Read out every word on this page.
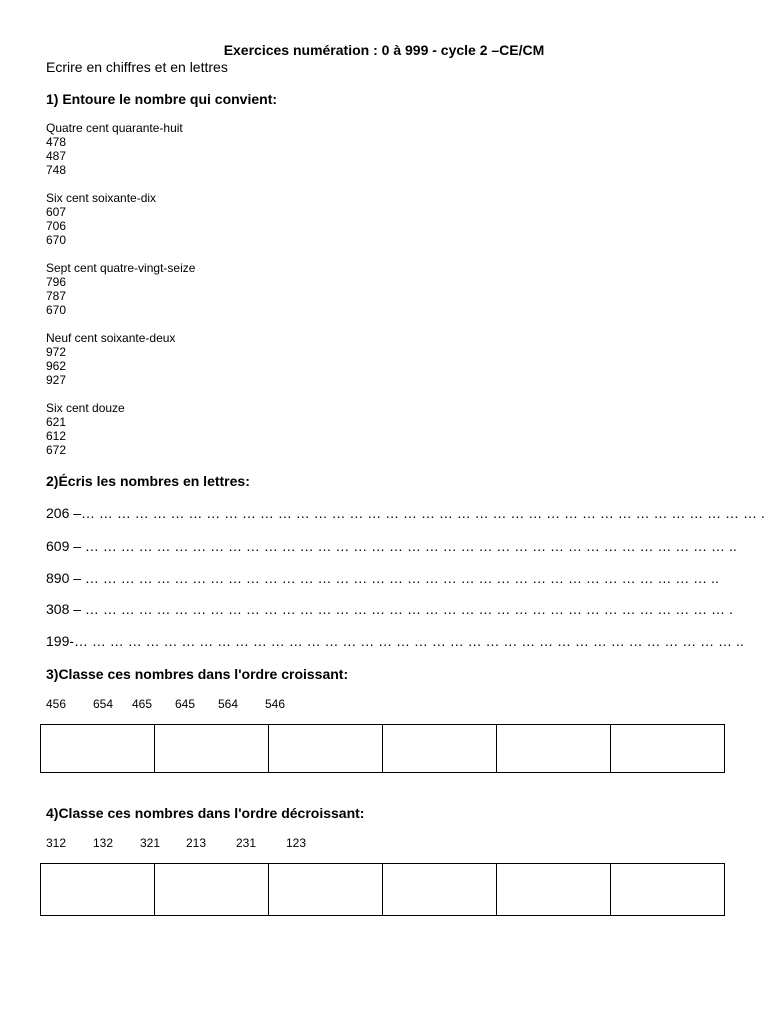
Exercices numération : 0 à 999 - cycle 2 –CE/CM
Ecrire en chiffres et en lettres
1) Entoure le nombre qui convient:
Quatre cent quarante-huit
478
487
748
Six cent soixante-dix
607
706
670
Sept cent quatre-vingt-seize
796
787
670
Neuf cent soixante-deux
972
962
927
Six cent douze
621
612
672
2)Écris les nombres en lettres:
206 –… … … … … … … … … … … … … … … … … … … … … … … … … … … … … … … … … … … … … … .
609 – … … … … … … … … … … … … … … … … … … … … … … … … … … … … … … … … … … … … ..
890 – … … … … … … … … … … … … … … … … … … … … … … … … … … … … … … … … … … … ..
308 – … … … … … … … … … … … … … … … … … … … … … … … … … … … … … … … … … … … … .
199-… … … … … … … … … … … … … … … … … … … … … … … … … … … … … … … … … … … … … ..
3)Classe ces nombres dans l'ordre croissant:
456 654 465 645 564 546

4)Classe ces nombres dans l'ordre décroissant:
312 132 321 213 231 123
